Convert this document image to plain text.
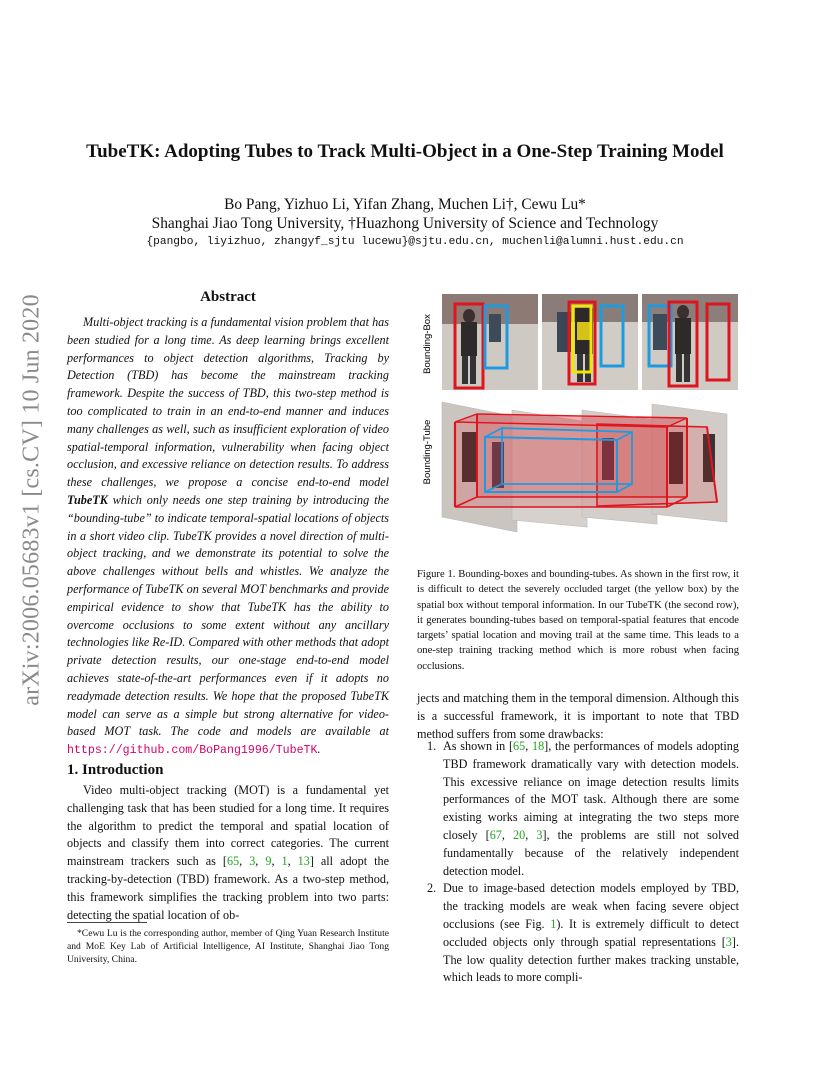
arXiv:2006.05683v1 [cs.CV] 10 Jun 2020
TubeTK: Adopting Tubes to Track Multi-Object in a One-Step Training Model
Bo Pang, Yizhuo Li, Yifan Zhang, Muchen Li†, Cewu Lu*
Shanghai Jiao Tong University, †Huazhong University of Science and Technology
{pangbo, liyizhuo, zhangyf_sjtu lucewu}@sjtu.edu.cn, muchenli@alumni.hust.edu.cn
Abstract
Multi-object tracking is a fundamental vision problem that has been studied for a long time. As deep learning brings excellent performances to object detection algorithms, Tracking by Detection (TBD) has become the mainstream tracking framework. Despite the success of TBD, this two-step method is too complicated to train in an end-to-end manner and induces many challenges as well, such as insufficient exploration of video spatial-temporal information, vulnerability when facing object occlusion, and excessive reliance on detection results. To address these challenges, we propose a concise end-to-end model TubeTK which only needs one step training by introducing the “bounding-tube” to indicate temporal-spatial locations of objects in a short video clip. TubeTK provides a novel direction of multi-object tracking, and we demonstrate its potential to solve the above challenges without bells and whistles. We analyze the performance of TubeTK on several MOT benchmarks and provide empirical evidence to show that TubeTK has the ability to overcome occlusions to some extent without any ancillary technologies like Re-ID. Compared with other methods that adopt private detection results, our one-stage end-to-end model achieves state-of-the-art performances even if it adopts no readymade detection results. We hope that the proposed TubeTK model can serve as a simple but strong alternative for video-based MOT task. The code and models are available at https://github.com/BoPang1996/TubeTK.
1. Introduction
Video multi-object tracking (MOT) is a fundamental yet challenging task that has been studied for a long time. It requires the algorithm to predict the temporal and spatial location of objects and classify them into correct categories. The current mainstream trackers such as [65, 3, 9, 1, 13] all adopt the tracking-by-detection (TBD) framework. As a two-step method, this framework simplifies the tracking problem into two parts: detecting the spatial location of ob-
*Cewu Lu is the corresponding author, member of Qing Yuan Research Institute and MoE Key Lab of Artificial Intelligence, AI Institute, Shanghai Jiao Tong University, China.
Bounding-Box
Bounding-Tube
Figure 1. Bounding-boxes and bounding-tubes. As shown in the first row, it is difficult to detect the severely occluded target (the yellow box) by the spatial box without temporal information. In our TubeTK (the second row), it generates bounding-tubes based on temporal-spatial features that encode targets’ spatial location and moving trail at the same time. This leads to a one-step training tracking method which is more robust when facing occlusions.
jects and matching them in the temporal dimension. Although this is a successful framework, it is important to note that TBD method suffers from some drawbacks:
1. As shown in [65, 18], the performances of models adopting TBD framework dramatically vary with detection models. This excessive reliance on image detection results limits performances of the MOT task. Although there are some existing works aiming at integrating the two steps more closely [67, 20, 3], the problems are still not solved fundamentally because of the relatively independent detection model.
2. Due to image-based detection models employed by TBD, the tracking models are weak when facing severe object occlusions (see Fig. 1). It is extremely difficult to detect occluded objects only through spatial representations [3]. The low quality detection further makes tracking unstable, which leads to more compli-
